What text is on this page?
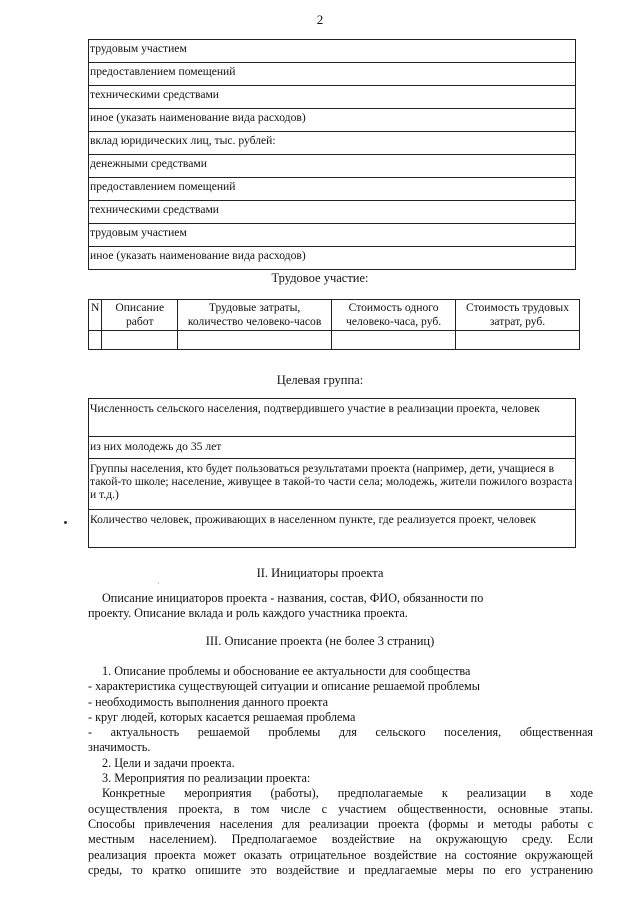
2
трудовым участием
предоставлением помещений
техническими средствами
иное (указать наименование вида расходов)
вклад юридических лиц, тыс. рублей:
денежными средствами
предоставлением помещений
техническими средствами
трудовым участием
иное (указать наименование вида расходов)
Трудовое участие:
N	Описание работ	Трудовые затраты, количество человеко-часов	Стоимость одного человеко-часа, руб.	Стоимость трудовых затрат, руб.

Целевая группа:
Численность сельского населения, подтвердившего участие в реализации проекта, человек
из них молодежь до 35 лет
Группы населения, кто будет пользоваться результатами проекта (например, дети, учащиеся в такой-то школе; население, живущее в такой-то части села; молодежь, жители пожилого возраста и т.д.)
Количество человек, проживающих в населенном пункте, где реализуется проект, человек
'
II. Инициаторы проекта
Описание инициаторов проекта - названия, состав, ФИО, обязанности по
проекту. Описание вклада и роль каждого участника проекта.
III. Описание проекта (не более 3 страниц)
1. Описание проблемы и обоснование ее актуальности для сообщества
- характеристика существующей ситуации и описание решаемой проблемы
- необходимость выполнения данного проекта
- круг людей, которых касается решаемая проблема
- актуальность решаемой проблемы для сельского поселения, общественная
значимость.
2. Цели и задачи проекта.
3. Мероприятия по реализации проекта:
Конкретные мероприятия (работы), предполагаемые к реализации в ходе
осуществления проекта, в том числе с участием общественности, основные этапы.
Способы привлечения населения для реализации проекта (формы и методы работы с
местным населением). Предполагаемое воздействие на окружающую среду. Если
реализация проекта может оказать отрицательное воздействие на состояние окружающей
среды, то кратко опишите это воздействие и предлагаемые меры по его устранению
